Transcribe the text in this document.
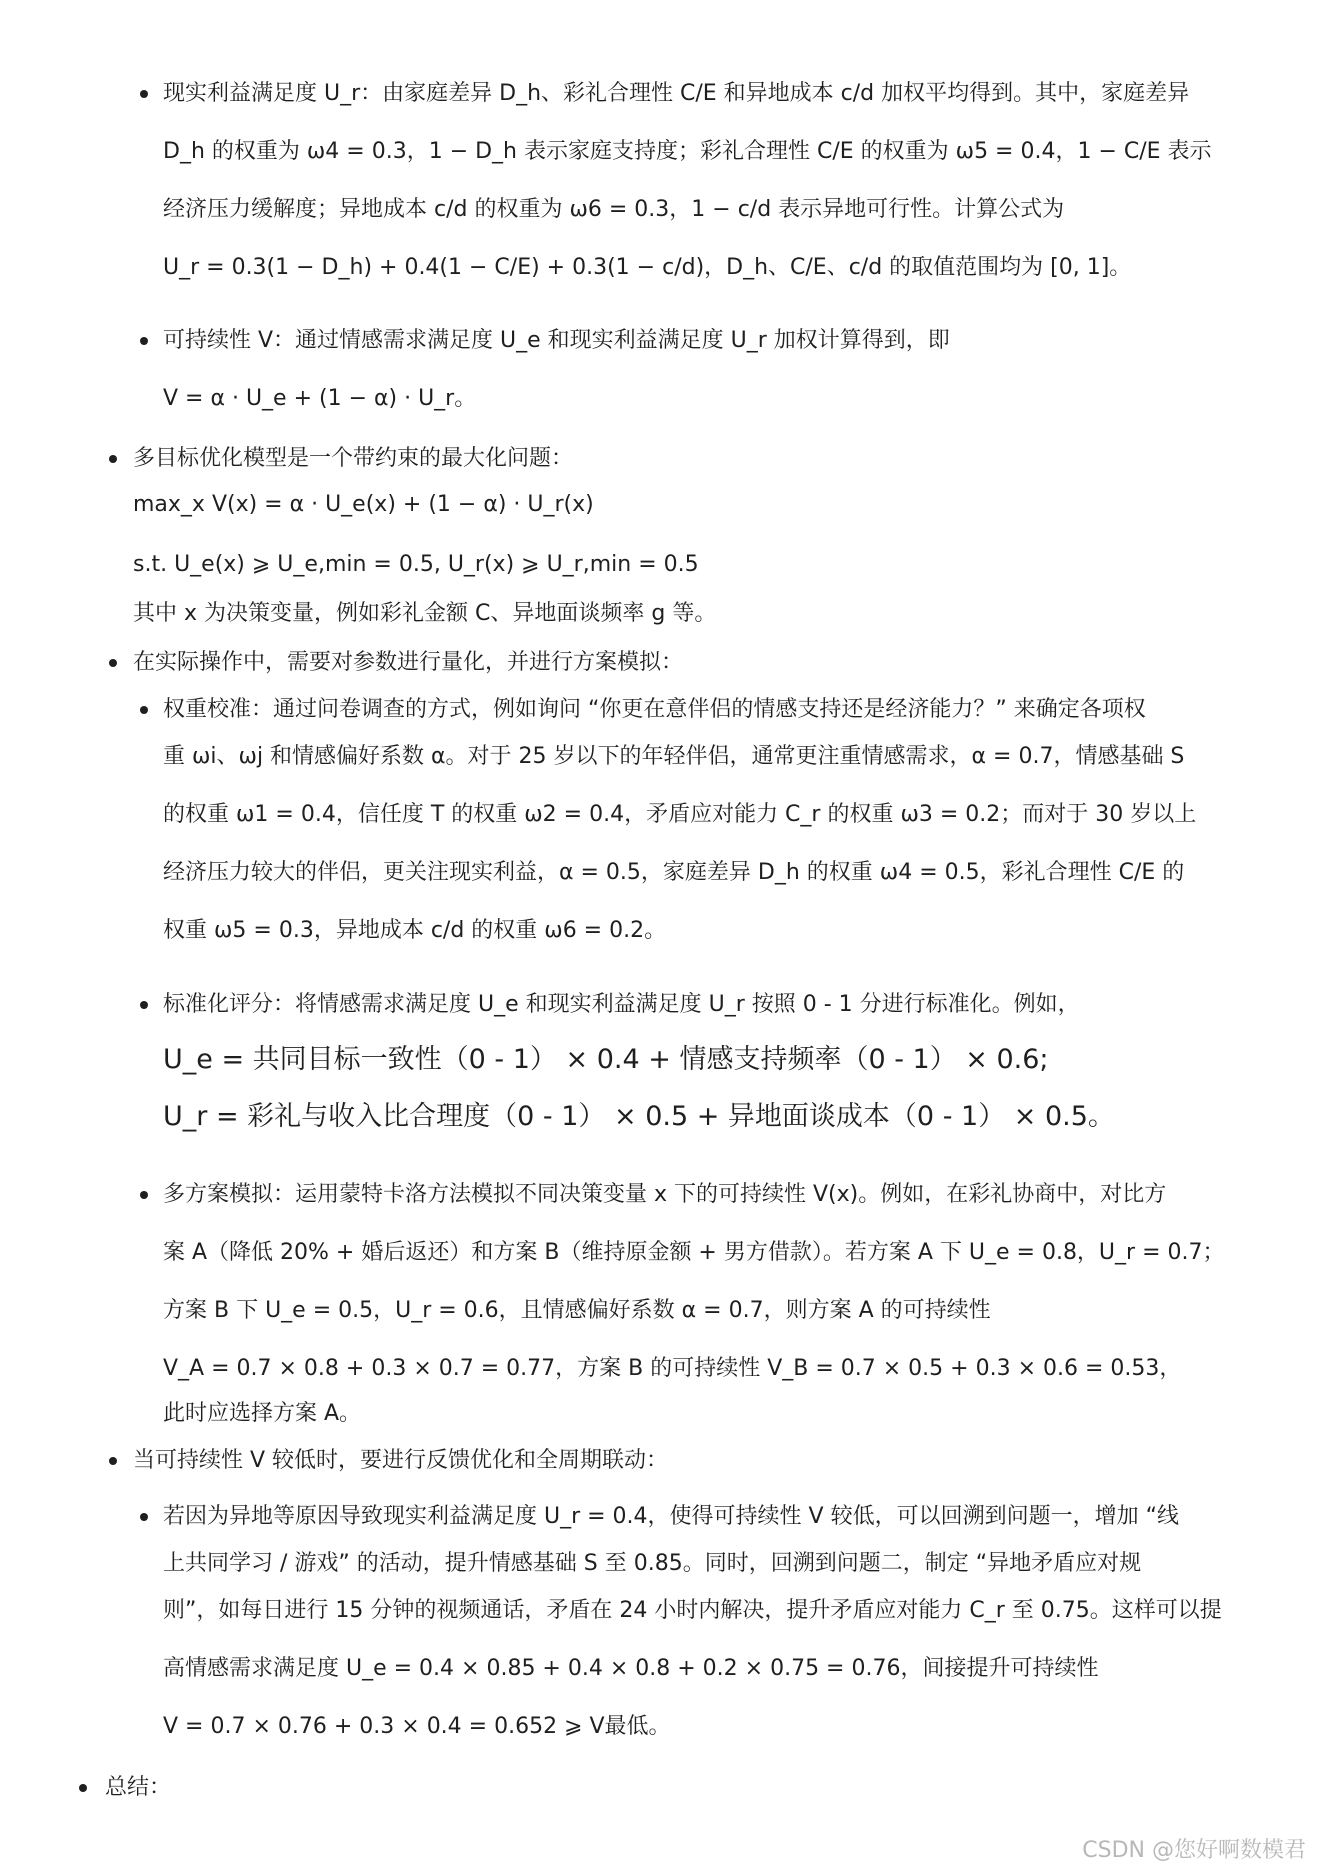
现实利益满足度 U_r：由家庭差异 D_h、彩礼合理性 C/E 和异地成本 c/d 加权平均得到。其中，家庭差异
D_h 的权重为 ω4 = 0.3，1 − D_h 表示家庭支持度；彩礼合理性 C/E 的权重为 ω5 = 0.4，1 − C/E 表示
经济压力缓解度；异地成本 c/d 的权重为 ω6 = 0.3，1 − c/d 表示异地可行性。计算公式为
U_r = 0.3(1 − D_h) + 0.4(1 − C/E) + 0.3(1 − c/d)，D_h、C/E、c/d 的取值范围均为 [0, 1]。
可持续性 V：通过情感需求满足度 U_e 和现实利益满足度 U_r 加权计算得到，即
V = α · U_e + (1 − α) · U_r。
多目标优化模型是一个带约束的最大化问题：
max_x V(x) = α · U_e(x) + (1 − α) · U_r(x)
s.t. U_e(x) ⩾ U_e,min = 0.5, U_r(x) ⩾ U_r,min = 0.5
其中 x 为决策变量，例如彩礼金额 C、异地面谈频率 g 等。
在实际操作中，需要对参数进行量化，并进行方案模拟：
权重校准：通过问卷调查的方式，例如询问 “你更在意伴侣的情感支持还是经济能力？” 来确定各项权
重 ωi、ωj 和情感偏好系数 α。对于 25 岁以下的年轻伴侣，通常更注重情感需求，α = 0.7，情感基础 S
的权重 ω1 = 0.4，信任度 T 的权重 ω2 = 0.4，矛盾应对能力 C_r 的权重 ω3 = 0.2；而对于 30 岁以上
经济压力较大的伴侣，更关注现实利益，α = 0.5，家庭差异 D_h 的权重 ω4 = 0.5，彩礼合理性 C/E 的
权重 ω5 = 0.3，异地成本 c/d 的权重 ω6 = 0.2。
标准化评分：将情感需求满足度 U_e 和现实利益满足度 U_r 按照 0 - 1 分进行标准化。例如，
U_e = 共同目标一致性（0 - 1） × 0.4 + 情感支持频率（0 - 1） × 0.6;
U_r = 彩礼与收入比合理度（0 - 1） × 0.5 + 异地面谈成本（0 - 1） × 0.5。
多方案模拟：运用蒙特卡洛方法模拟不同决策变量 x 下的可持续性 V(x)。例如，在彩礼协商中，对比方
案 A（降低 20% + 婚后返还）和方案 B（维持原金额 + 男方借款）。若方案 A 下 U_e = 0.8，U_r = 0.7；
方案 B 下 U_e = 0.5，U_r = 0.6，且情感偏好系数 α = 0.7，则方案 A 的可持续性
V_A = 0.7 × 0.8 + 0.3 × 0.7 = 0.77，方案 B 的可持续性 V_B = 0.7 × 0.5 + 0.3 × 0.6 = 0.53，
此时应选择方案 A。
当可持续性 V 较低时，要进行反馈优化和全周期联动：
若因为异地等原因导致现实利益满足度 U_r = 0.4，使得可持续性 V 较低，可以回溯到问题一，增加 “线
上共同学习 / 游戏” 的活动，提升情感基础 S 至 0.85。同时，回溯到问题二，制定 “异地矛盾应对规
则”，如每日进行 15 分钟的视频通话，矛盾在 24 小时内解决，提升矛盾应对能力 C_r 至 0.75。这样可以提
高情感需求满足度 U_e = 0.4 × 0.85 + 0.4 × 0.8 + 0.2 × 0.75 = 0.76，间接提升可持续性
V = 0.7 × 0.76 + 0.3 × 0.4 = 0.652 ⩾ V最低。
总结：
CSDN @您好啊数模君
